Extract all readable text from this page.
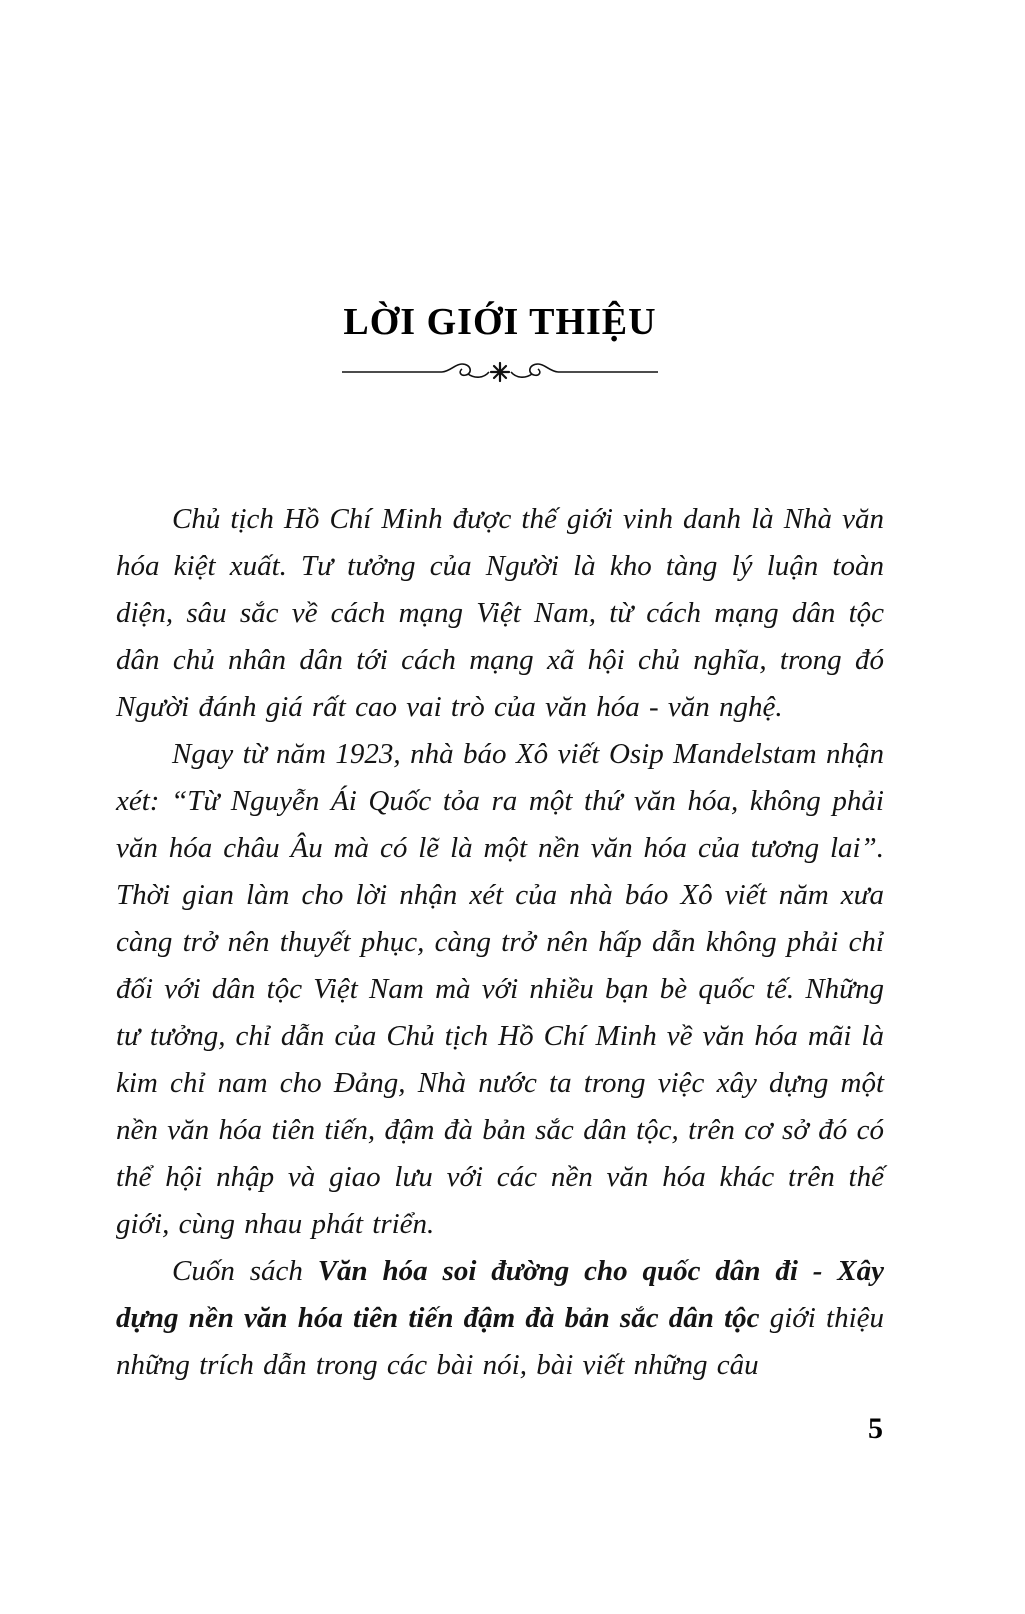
LỜI GIỚI THIỆU

Chủ tịch Hồ Chí Minh được thế giới vinh danh là Nhà văn hóa kiệt xuất. Tư tưởng của Người là kho tàng lý luận toàn diện, sâu sắc về cách mạng Việt Nam, từ cách mạng dân tộc dân chủ nhân dân tới cách mạng xã hội chủ nghĩa, trong đó Người đánh giá rất cao vai trò của văn hóa - văn nghệ.

Ngay từ năm 1923, nhà báo Xô viết Osip Mandelstam nhận xét: “Từ Nguyễn Ái Quốc tỏa ra một thứ văn hóa, không phải văn hóa châu Âu mà có lẽ là một nền văn hóa của tương lai”. Thời gian làm cho lời nhận xét của nhà báo Xô viết năm xưa càng trở nên thuyết phục, càng trở nên hấp dẫn không phải chỉ đối với dân tộc Việt Nam mà với nhiều bạn bè quốc tế. Những tư tưởng, chỉ dẫn của Chủ tịch Hồ Chí Minh về văn hóa mãi là kim chỉ nam cho Đảng, Nhà nước ta trong việc xây dựng một nền văn hóa tiên tiến, đậm đà bản sắc dân tộc, trên cơ sở đó có thể hội nhập và giao lưu với các nền văn hóa khác trên thế giới, cùng nhau phát triển.

Cuốn sách Văn hóa soi đường cho quốc dân đi - Xây dựng nền văn hóa tiên tiến đậm đà bản sắc dân tộc giới thiệu những trích dẫn trong các bài nói, bài viết những câu

5
